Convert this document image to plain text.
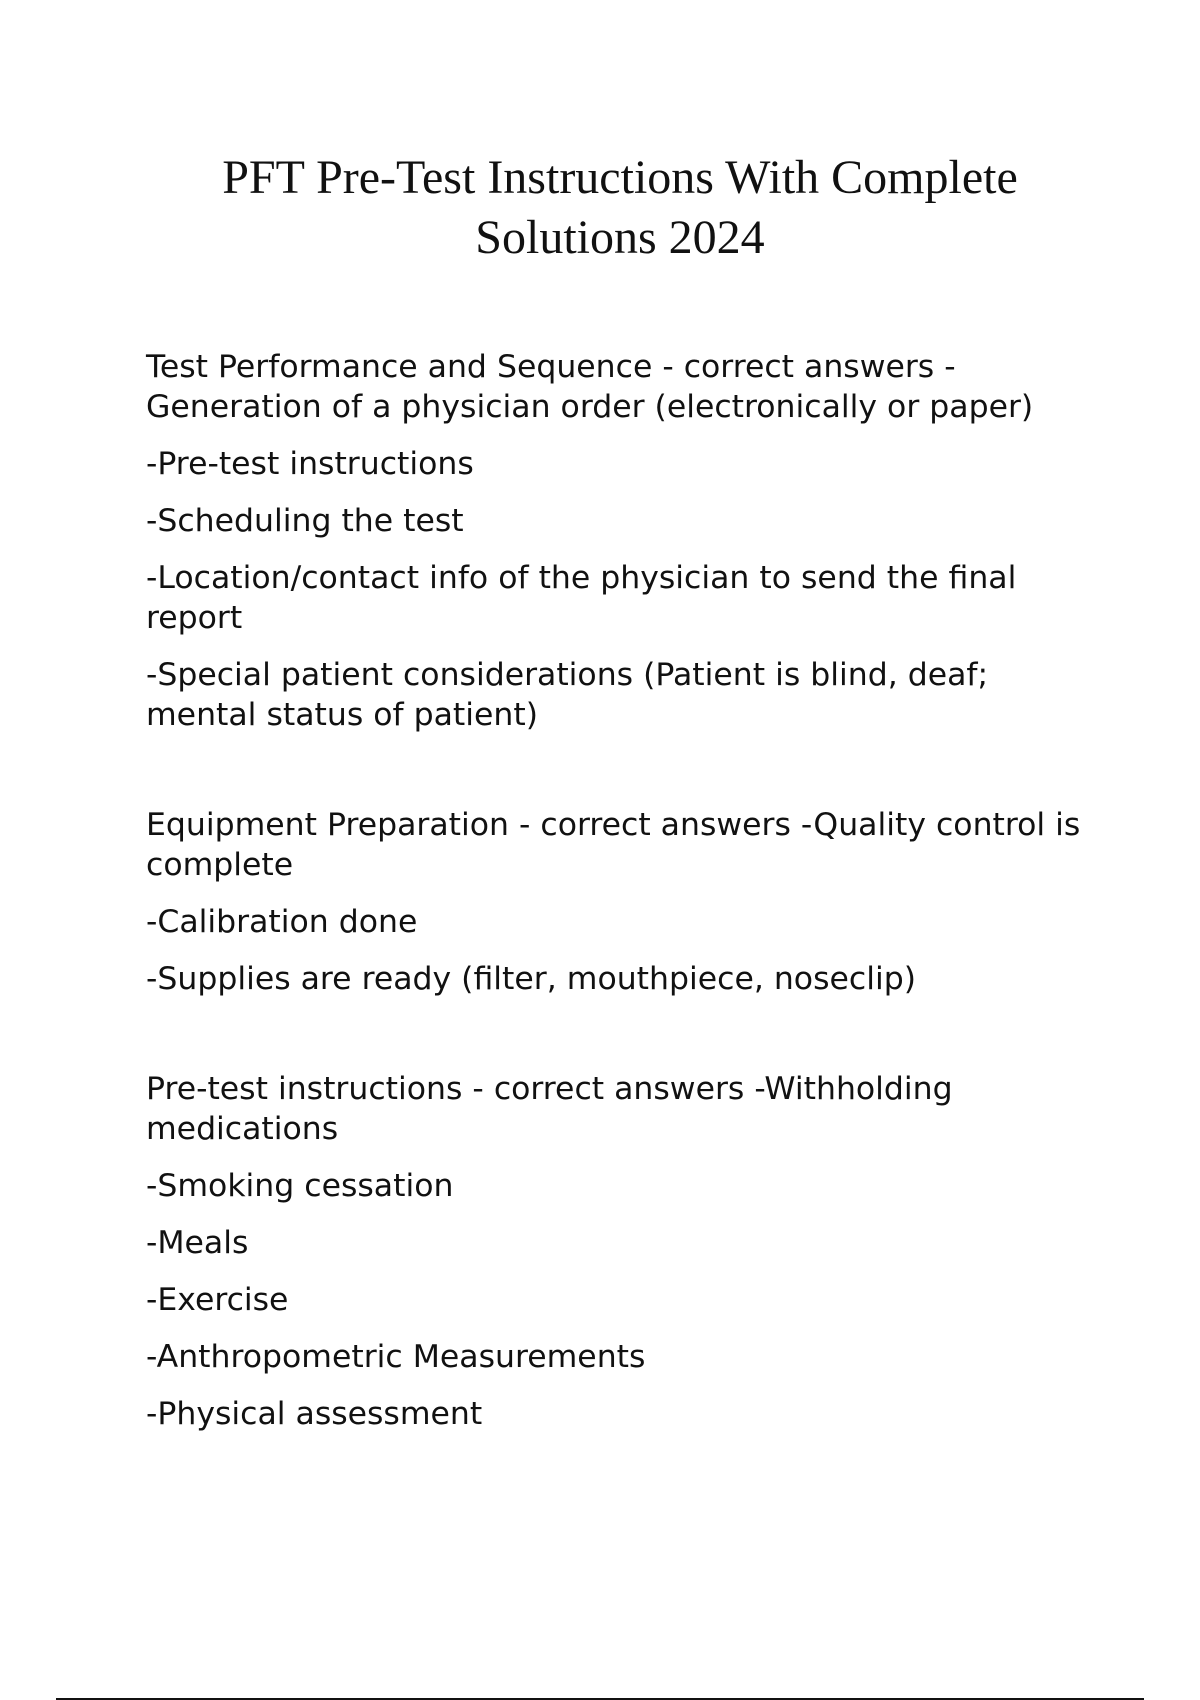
PFT Pre-Test Instructions With Complete Solutions 2024

Test Performance and Sequence - correct answers - Generation of a physician order (electronically or paper)

-Pre-test instructions

-Scheduling the test

-Location/contact info of the physician to send the final report

-Special patient considerations (Patient is blind, deaf; mental status of patient)

Equipment Preparation - correct answers -Quality control is complete

-Calibration done

-Supplies are ready (filter, mouthpiece, noseclip)

Pre-test instructions - correct answers -Withholding medications

-Smoking cessation

-Meals

-Exercise

-Anthropometric Measurements

-Physical assessment
